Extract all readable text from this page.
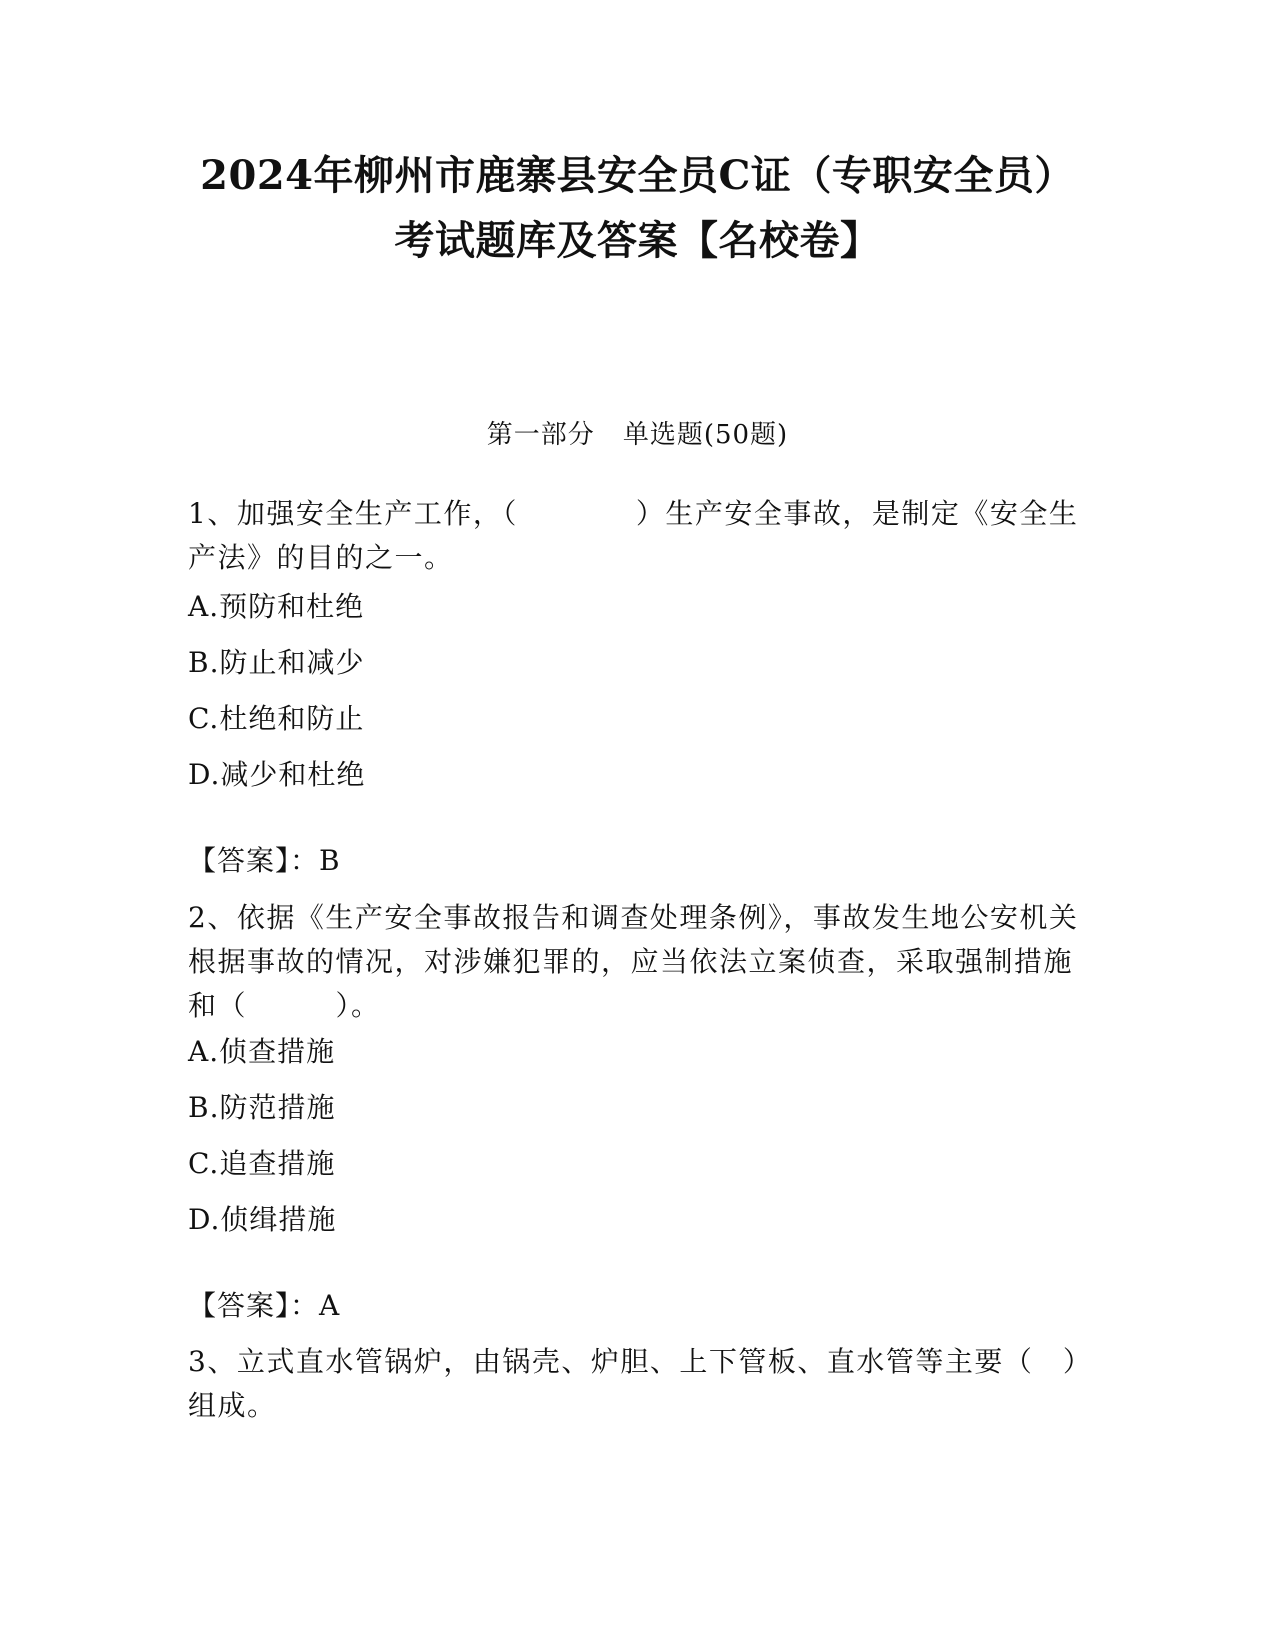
2024年柳州市鹿寨县安全员C证（专职安全员）
考试题库及答案【名校卷】
第一部分 单选题(50题)

1、加强安全生产工作，（　　　　）生产安全事故，是制定《安全生

产法》的目的之一。

A.预防和杜绝

B.防止和减少

C.杜绝和防止

D.减少和杜绝

【答案】：B

2、依据《生产安全事故报告和调查处理条例》，事故发生地公安机关

根据事故的情况，对涉嫌犯罪的，应当依法立案侦查，采取强制措施

和（　　　）。

A.侦查措施

B.防范措施

C.追查措施

D.侦缉措施

【答案】：A

3、立式直水管锅炉，由锅壳、炉胆、上下管板、直水管等主要（　）

组成。
